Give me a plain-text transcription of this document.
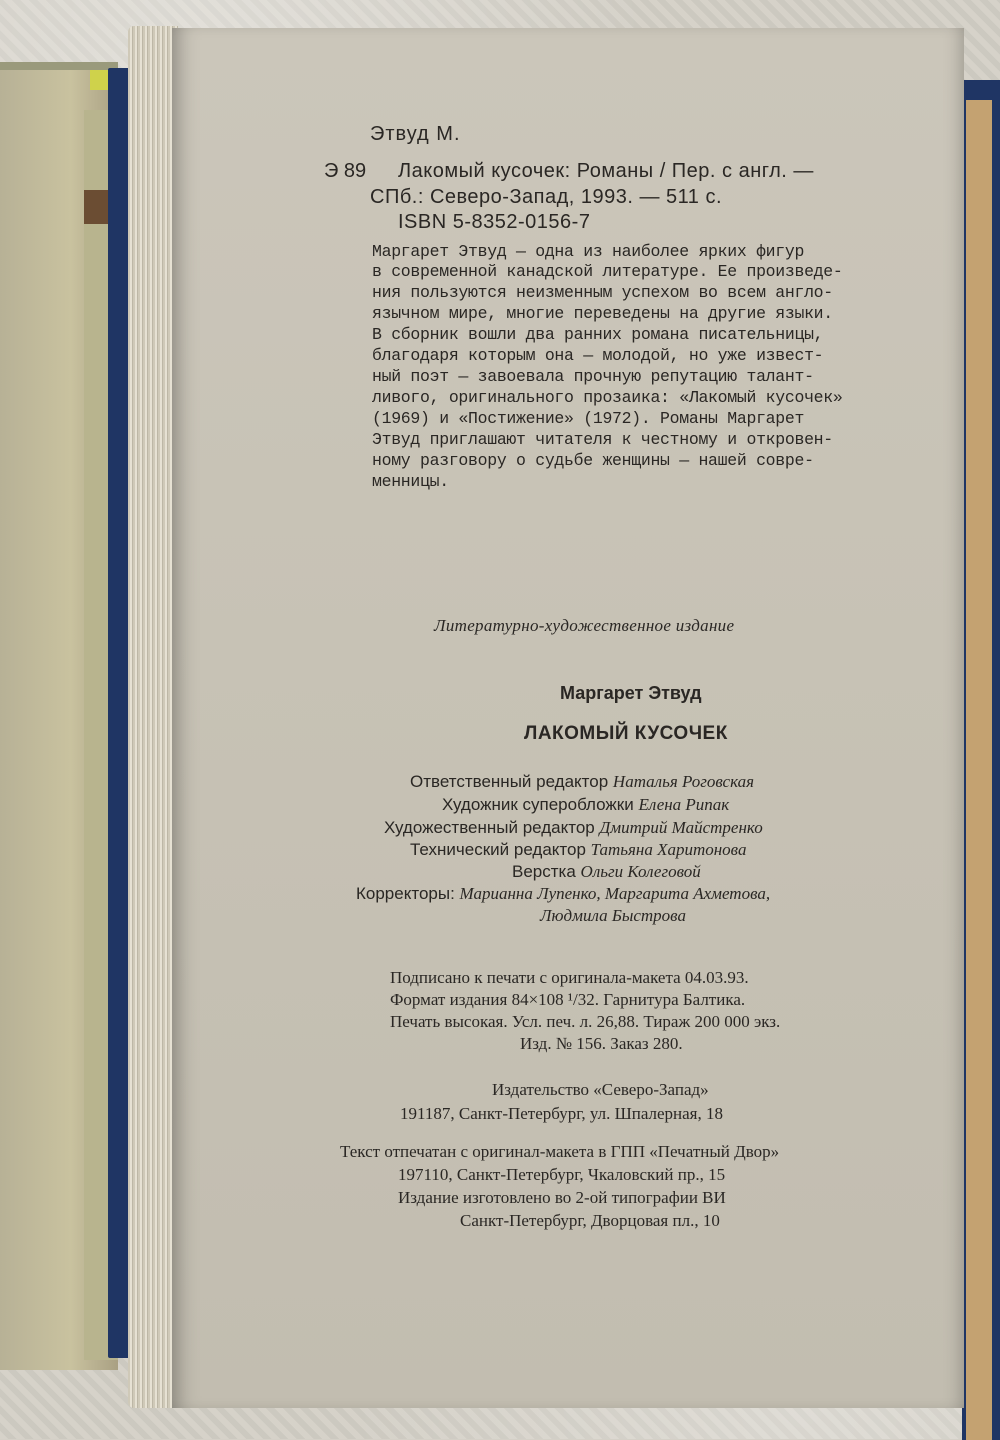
Этвуд М.
Э 89 Лакомый кусочек: Романы / Пер. с англ. —
СПб.: Северо-Запад, 1993. — 511 с.
ISBN 5-8352-0156-7
Маргарет Этвуд — одна из наиболее ярких фигур
в современной канадской литературе. Ее произведе-
ния пользуются неизменным успехом во всем англо-
язычном мире, многие переведены на другие языки.
В сборник вошли два ранних романа писательницы,
благодаря которым она — молодой, но уже извест-
ный поэт — завоевала прочную репутацию талант-
ливого, оригинального прозаика: «Лакомый кусочек»
(1969) и «Постижение» (1972). Романы Маргарет
Этвуд приглашают читателя к честному и откровен-
ному разговору о судьбе женщины — нашей совре-
менницы.
Литературно-художественное издание
Маргарет Этвуд
ЛАКОМЫЙ КУСОЧЕК
Ответственный редактор Наталья Роговская
Художник суперобложки Елена Рипак
Художественный редактор Дмитрий Майстренко
Технический редактор Татьяна Харитонова
Верстка Ольги Колеговой
Корректоры: Марианна Лупенко, Маргарита Ахметова,
Людмила Быстрова
Подписано к печати с оригинала-макета 04.03.93.
Формат издания 84×108 ¹/32. Гарнитура Балтика.
Печать высокая. Усл. печ. л. 26,88. Тираж 200 000 экз.
Изд. № 156. Заказ 280.
Издательство «Северо-Запад»
191187, Санкт-Петербург, ул. Шпалерная, 18
Текст отпечатан с оригинал-макета в ГПП «Печатный Двор»
197110, Санкт-Петербург, Чкаловский пр., 15
Издание изготовлено во 2-ой типографии ВИ
Санкт-Петербург, Дворцовая пл., 10
